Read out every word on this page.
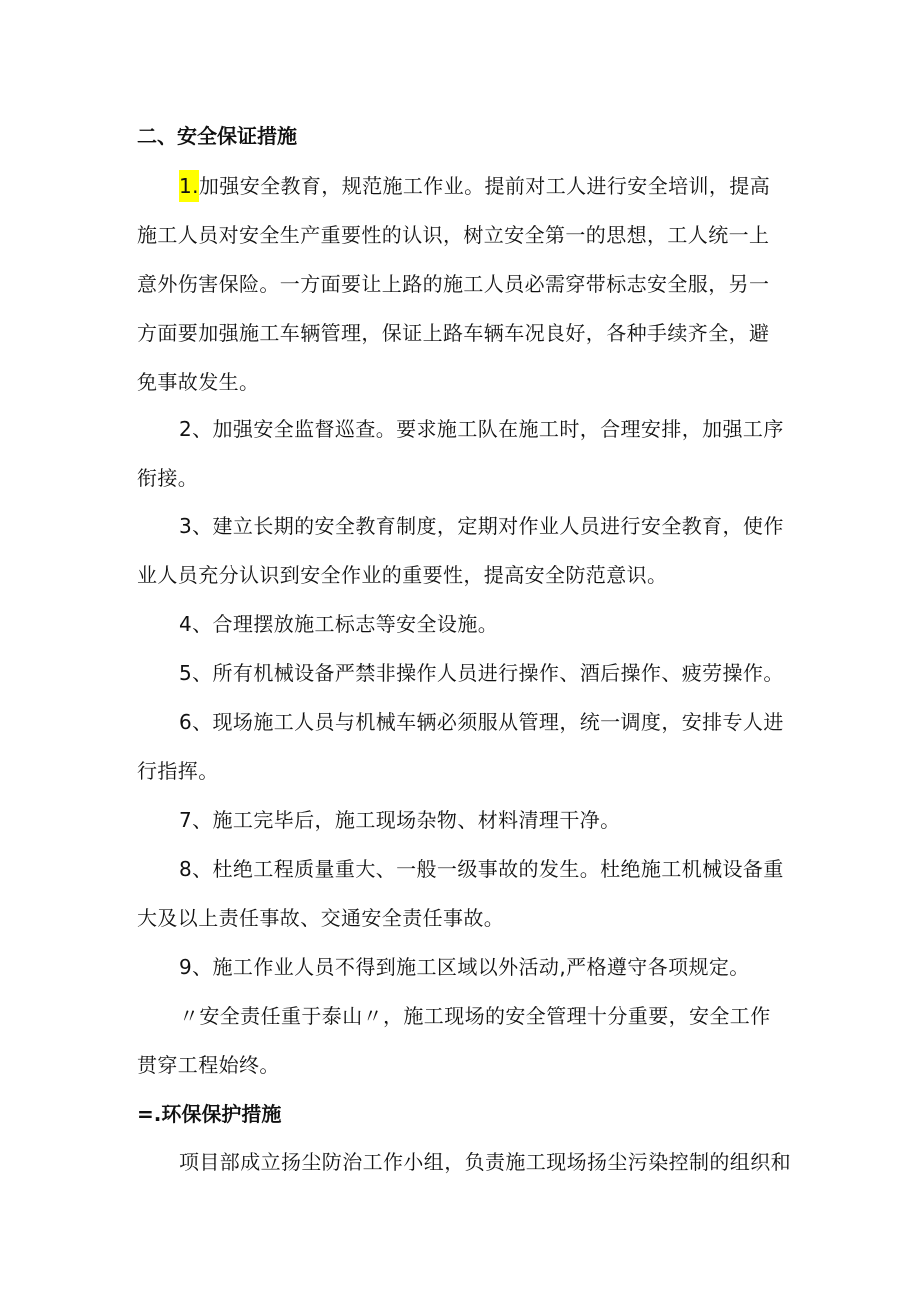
二、安全保证措施
1.加强安全教育，规范施工作业。提前对工人进行安全培训，提高施工人员对安全生产重要性的认识，树立安全第一的思想，工人统一上意外伤害保险。一方面要让上路的施工人员必需穿带标志安全服，另一方面要加强施工车辆管理，保证上路车辆车况良好，各种手续齐全，避免事故发生。
2、加强安全监督巡查。要求施工队在施工时，合理安排，加强工序衔接。
3、建立长期的安全教育制度，定期对作业人员进行安全教育，使作业人员充分认识到安全作业的重要性，提高安全防范意识。
4、合理摆放施工标志等安全设施。
5、所有机械设备严禁非操作人员进行操作、酒后操作、疲劳操作。
6、现场施工人员与机械车辆必须服从管理，统一调度，安排专人进行指挥。
7、施工完毕后，施工现场杂物、材料清理干净。
8、杜绝工程质量重大、一般一级事故的发生。杜绝施工机械设备重大及以上责任事故、交通安全责任事故。
9、施工作业人员不得到施工区域以外活动,严格遵守各项规定。
〃安全责任重于泰山〃，施工现场的安全管理十分重要，安全工作贯穿工程始终。
=.环保保护措施
项目部成立扬尘防治工作小组，负责施工现场扬尘污染控制的组织和
